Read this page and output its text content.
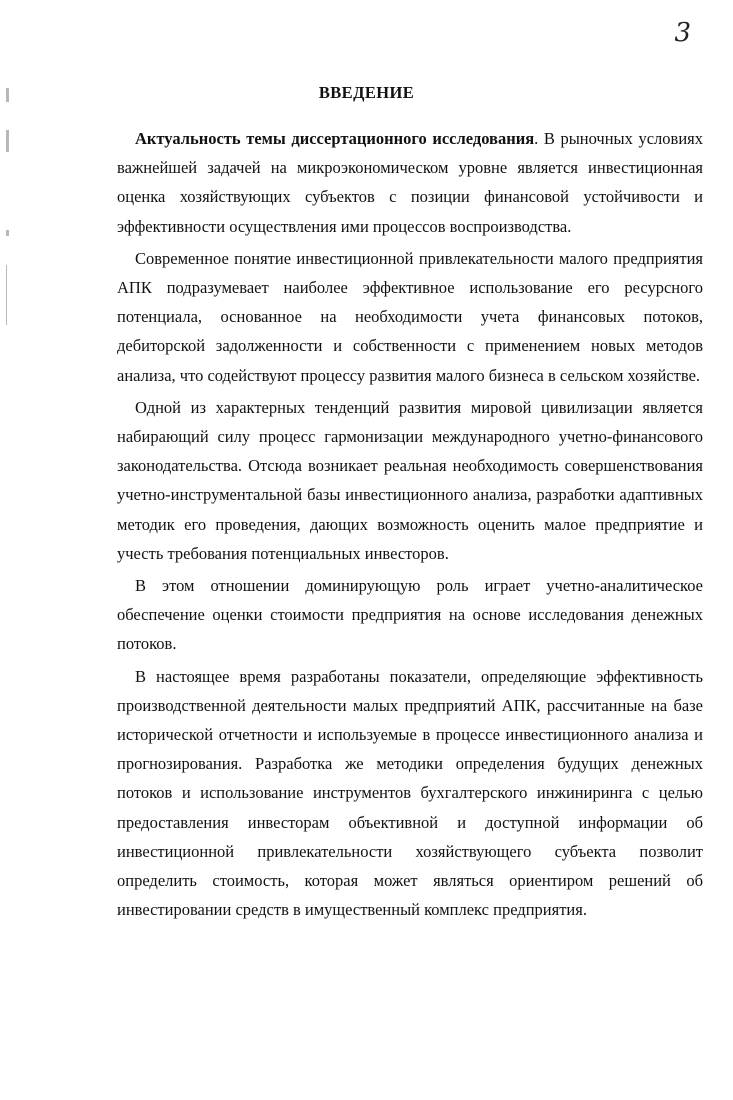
3
ВВЕДЕНИЕ

Актуальность темы диссертационного исследования. В рыночных условиях важнейшей задачей на микроэкономическом уровне является инвестиционная оценка хозяйствующих субъектов с позиции финансовой устойчивости и эффективности осуществления ими процессов воспроизводства.

Современное понятие инвестиционной привлекательности малого предприятия АПК подразумевает наиболее эффективное использование его ресурсного потенциала, основанное на необходимости учета финансовых потоков, дебиторской задолженности и собственности с применением новых методов анализа, что содействуют процессу развития малого бизнеса в сельском хозяйстве.

Одной из характерных тенденций развития мировой цивилизации является набирающий силу процесс гармонизации международного учетно-финансового законодательства. Отсюда возникает реальная необходимость совершенствования учетно-инструментальной базы инвестиционного анализа, разработки адаптивных методик его проведения, дающих возможность оценить малое предприятие и учесть требования потенциальных инвесторов.

В этом отношении доминирующую роль играет учетно-аналитическое обеспечение оценки стоимости предприятия на основе исследования денежных потоков.

В настоящее время разработаны показатели, определяющие эффективность производственной деятельности малых предприятий АПК, рассчитанные на базе исторической отчетности и используемые в процессе инвестиционного анализа и прогнозирования. Разработка же методики определения будущих денежных потоков и использование инструментов бухгалтерского инжиниринга с целью предоставления инвесторам объективной и доступной информации об инвестиционной привлекательности хозяйствующего субъекта позволит определить стоимость, которая может являться ориентиром решений об инвестировании средств в имущественный комплекс предприятия.
